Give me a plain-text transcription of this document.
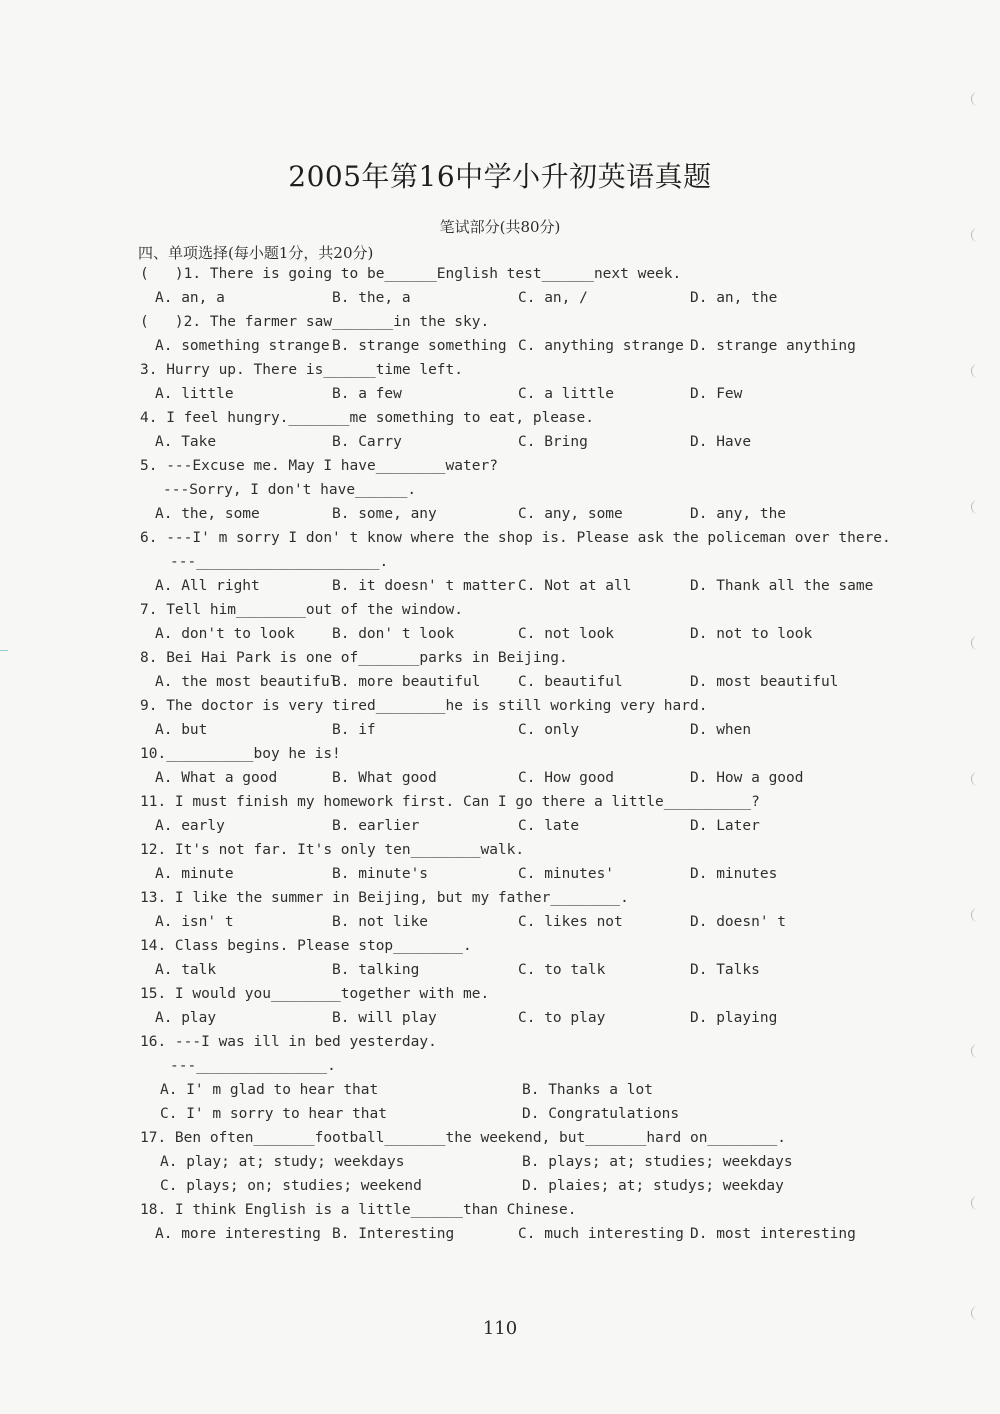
2005年第16中学小升初英语真题
笔试部分(共80分)
四、单项选择(每小题1分，共20分)
(   )1. There is going to be______English test______next week.
A. an, a	B. the, a	C. an, /	D. an, the
(   )2. The farmer saw_______in the sky.
A. something strange B. strange something C. anything strange D. strange anything
3. Hurry up. There is______time left.
A. little	B. a few	C. a little	D. Few
4. I feel hungry._______me something to eat, please.
A. Take	B. Carry	C. Bring	D. Have
5. ---Excuse me. May I have________water?
---Sorry, I don't have______.
A. the, some	B. some, any	C. any, some	D. any, the
6. ---I' m sorry I don' t know where the shop is. Please ask the policeman over there.
---_____________________.
A. All right	B. it doesn' t matter C. Not at all	D. Thank all the same
7. Tell him________out of the window.
A. don't to look	B. don' t look	C. not look	D. not to look
8. Bei Hai Park is one of_______parks in Beijing.
A. the most beautiful
B. more beautiful	C. beautiful	D. most beautiful
9. The doctor is very tired________he is still working very hard.
A. but	B. if	C. only	D. when
10.__________boy he is!
A. What a good	B. What good	C. How good	D. How a good
11. I must finish my homework first. Can I go there a little__________?
A. early	B. earlier	C. late	D. Later
12. It's not far. It's only ten________walk.
A. minute	B. minute's	C. minutes'	D. minutes
13. I like the summer in Beijing, but my father________.
A. isn' t	B. not like	C. likes not	D. doesn' t
14. Class begins. Please stop________.
A. talk	B. talking	C. to talk	D. Talks
15. I would you________together with me.
A. play	B. will play	C. to play	D. playing
16. ---I was ill in bed yesterday.
---_______________.
A. I' m glad to hear that	B. Thanks a lot
C. I' m sorry to hear that	D. Congratulations
17. Ben often_______football_______the weekend, but_______hard on________.
A. play; at; study; weekdays	B. plays; at; studies; weekdays
C. plays; on; studies; weekend	D. plaies; at; studys; weekday
18. I think English is a little______than Chinese.
A. more interesting B. Interesting	C. much interesting D. most interesting
110
